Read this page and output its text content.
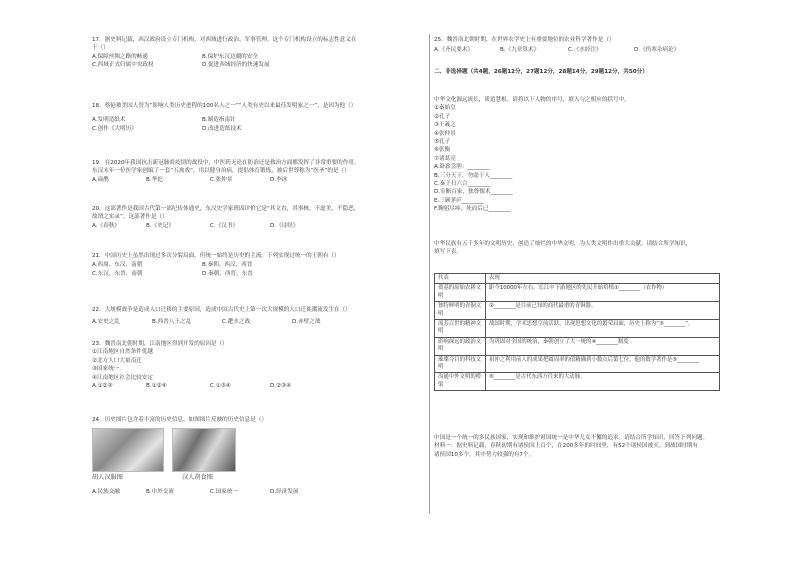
17．据史料记载，西汉政府设立专门机构，对西域进行政治、军事管理。这个专门机构设立的标志性意义在
于（）
A.保障丝绸之路的畅通	B.保护东汉边疆的安全
C.西域正式归属中央政权	D.促进西域经济的快速发展
18．蔡伦被美国人誉为“影响人类历史进程的100名人之一”“人类有史以来最佳发明家之一”，是因为他（）
A.发明造纸术	B.制造指南针
C.创作《大明历》	D.改进造纸技术
19．在2020年我国抗击新冠肺炎疫情的战役中，中医药无论在防治还是救治方面都发挥了非常重要的作用。
东汉末年一位医学家创编了一套“五禽戏”，用以健身治病，提倡体育锻炼，被后世尊称为“医圣”的是（）
A.扁鹊	B.华佗	C.张仲景	D.李冰
20．这部著作是我国古代第一部纪传体通史，东汉史学家班固评价它是“其文直，其事核，不虚美，不隐恶，
故谓之实录”。这部著作是（）
A.《春秋》	B.《史记》	C.《汉书》	D.《诗经》
21．中国历史上虽然出现过多次分裂局面，但统一始终是历史的主流。下列实现过统一的王朝有（）
A.西周、东汉、南朝	B.秦朝、西汉、西晋
C.东汉、东晋、南朝	D.秦朝、西晋、东晋
22．大规模战争是造成人口迁移的主要原因，造成中国古代史上第一次大规模的人口迁徙潮流发生在（）
A.安史之乱	B.西晋八王之乱	C.淝水之战	D.赤壁之战
23．魏晋南北朝时期，江南地区得到开发的原因是（）
①江南地区自然条件优越
②北方人口大量南迁
③国家统一
④江南地区社会比较安定
A.①②③	B.①②④	C.①③④	D.②③④
24．历史图片包含着丰富的历史信息。如图图片反映的历史信息是（）
胡人汉服图	汉人胡食图
A.民族交融	B.中外交流	C.国家统一	D.经济发展
25．魏晋南北朝时期，在世界农学史上有重要地位的农业科学著作是（）
A.《齐民要术》	B.《九章算术》	C.《水经注》	D.《伤寒杂病论》
二、非选择题（共4题，26题12分，27题12分，28题14分，29题12分，共50分）
中华文化源远流长，质追慧根。请将以下人物的序号，填入与之相应的括号中。
①秦始皇
②孔子
③王羲之
④张仲景
⑤孔子
⑥张衡
⑦诸葛亮
A.卧薪尝胆：________
B.三分天下，勿弱于人________
C.秦王扫六合________
D.室断百家，独尊儒术________
E.三顾茅庐________
F.鞠躬尽瘁，死而后已________
中华民族有五千多年的文明历史，创造了灿烂的中华文明，为人类文明作出重大贡献。请结合所学知识，
填写下表。
代表	表现
奠基的原始农耕文明	距今10000年左右，长江中下游地区的先民开始培植①________（农作物）
独特鲜明的青铜文明	②________是目前已知的商代最重的青铜器。
流芳百世的精神文明	战国时期，学术思想空前活跃，出现思想文化的繁荣局面，历史上称为“③________”。
影响深远的政治文明	为巩固对全国的统治，秦朝创立了大一统的④________制度
璀璨夺目的科技文明	祖冲之利用前人的成果把圆周率的值精确到小数点后第七位，他的数学著作是⑤________
沟通中外文明的桥梁	⑥________是古代东西方往来的大动脉。
中国是一个统一的多民族国家，实现和维护祖国统一是中华儿女不懈的追求。请结合所学知识，回答下列问题。
材料一：据史料记载，春秋初期有诸侯国上百个，在200多年的时间里，有52个诸侯国被灭。到战国时期有
诸侯国10多个，其中势力较强的有7个。
